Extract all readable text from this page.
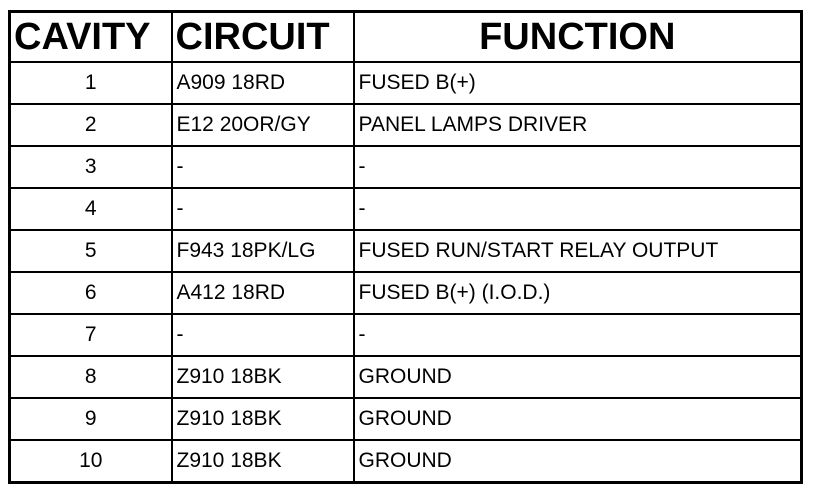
CAVITY	CIRCUIT	FUNCTION
1	A909 18RD	FUSED B(+)
2	E12 20OR/GY	PANEL LAMPS DRIVER
3	-	-
4	-	-
5	F943 18PK/LG	FUSED RUN/START RELAY OUTPUT
6	A412 18RD	FUSED B(+) (I.O.D.)
7	-	-
8	Z910 18BK	GROUND
9	Z910 18BK	GROUND
10	Z910 18BK	GROUND
